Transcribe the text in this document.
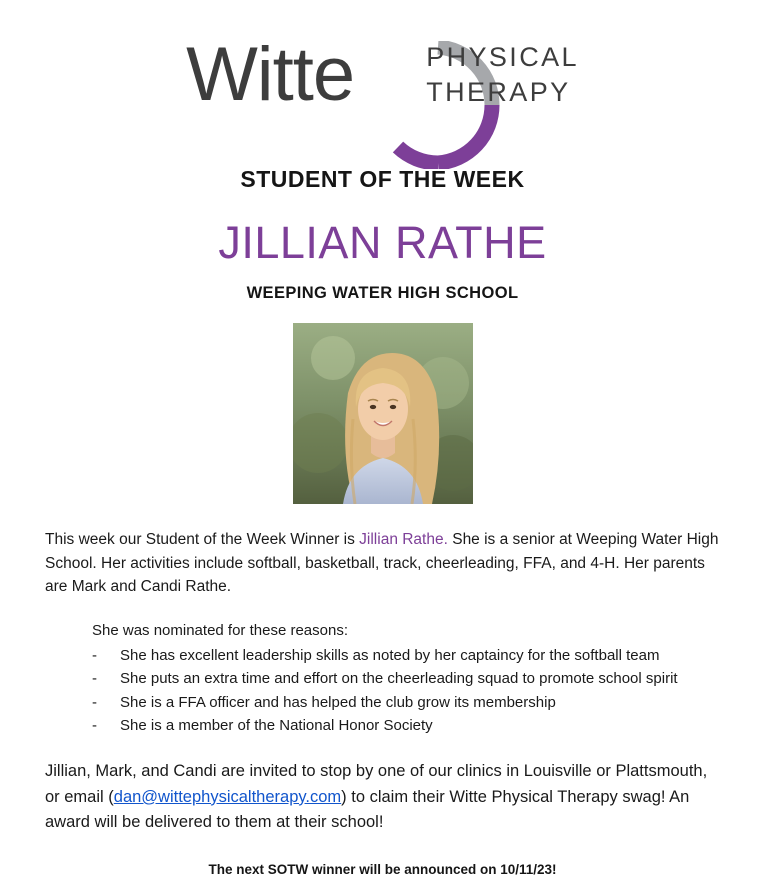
Witte	PHYSICAL
THERAPY
STUDENT OF THE WEEK
JILLIAN RATHE
WEEPING WATER HIGH SCHOOL
This week our Student of the Week Winner is Jillian Rathe. She is a senior at Weeping Water High School. Her activities include softball, basketball, track, cheerleading, FFA, and 4-H. Her parents are Mark and Candi Rathe.
She was nominated for these reasons:
-	She has excellent leadership skills as noted by her captaincy for the softball team
-	She puts an extra time and effort on the cheerleading squad to promote school spirit
-	She is a FFA officer and has helped the club grow its membership
-	She is a member of the National Honor Society
Jillian, Mark, and Candi are invited to stop by one of our clinics in Louisville or Plattsmouth, or email (dan@wittephysicaltherapy.com) to claim their Witte Physical Therapy swag! An award will be delivered to them at their school!
The next SOTW winner will be announced on 10/11/23!
